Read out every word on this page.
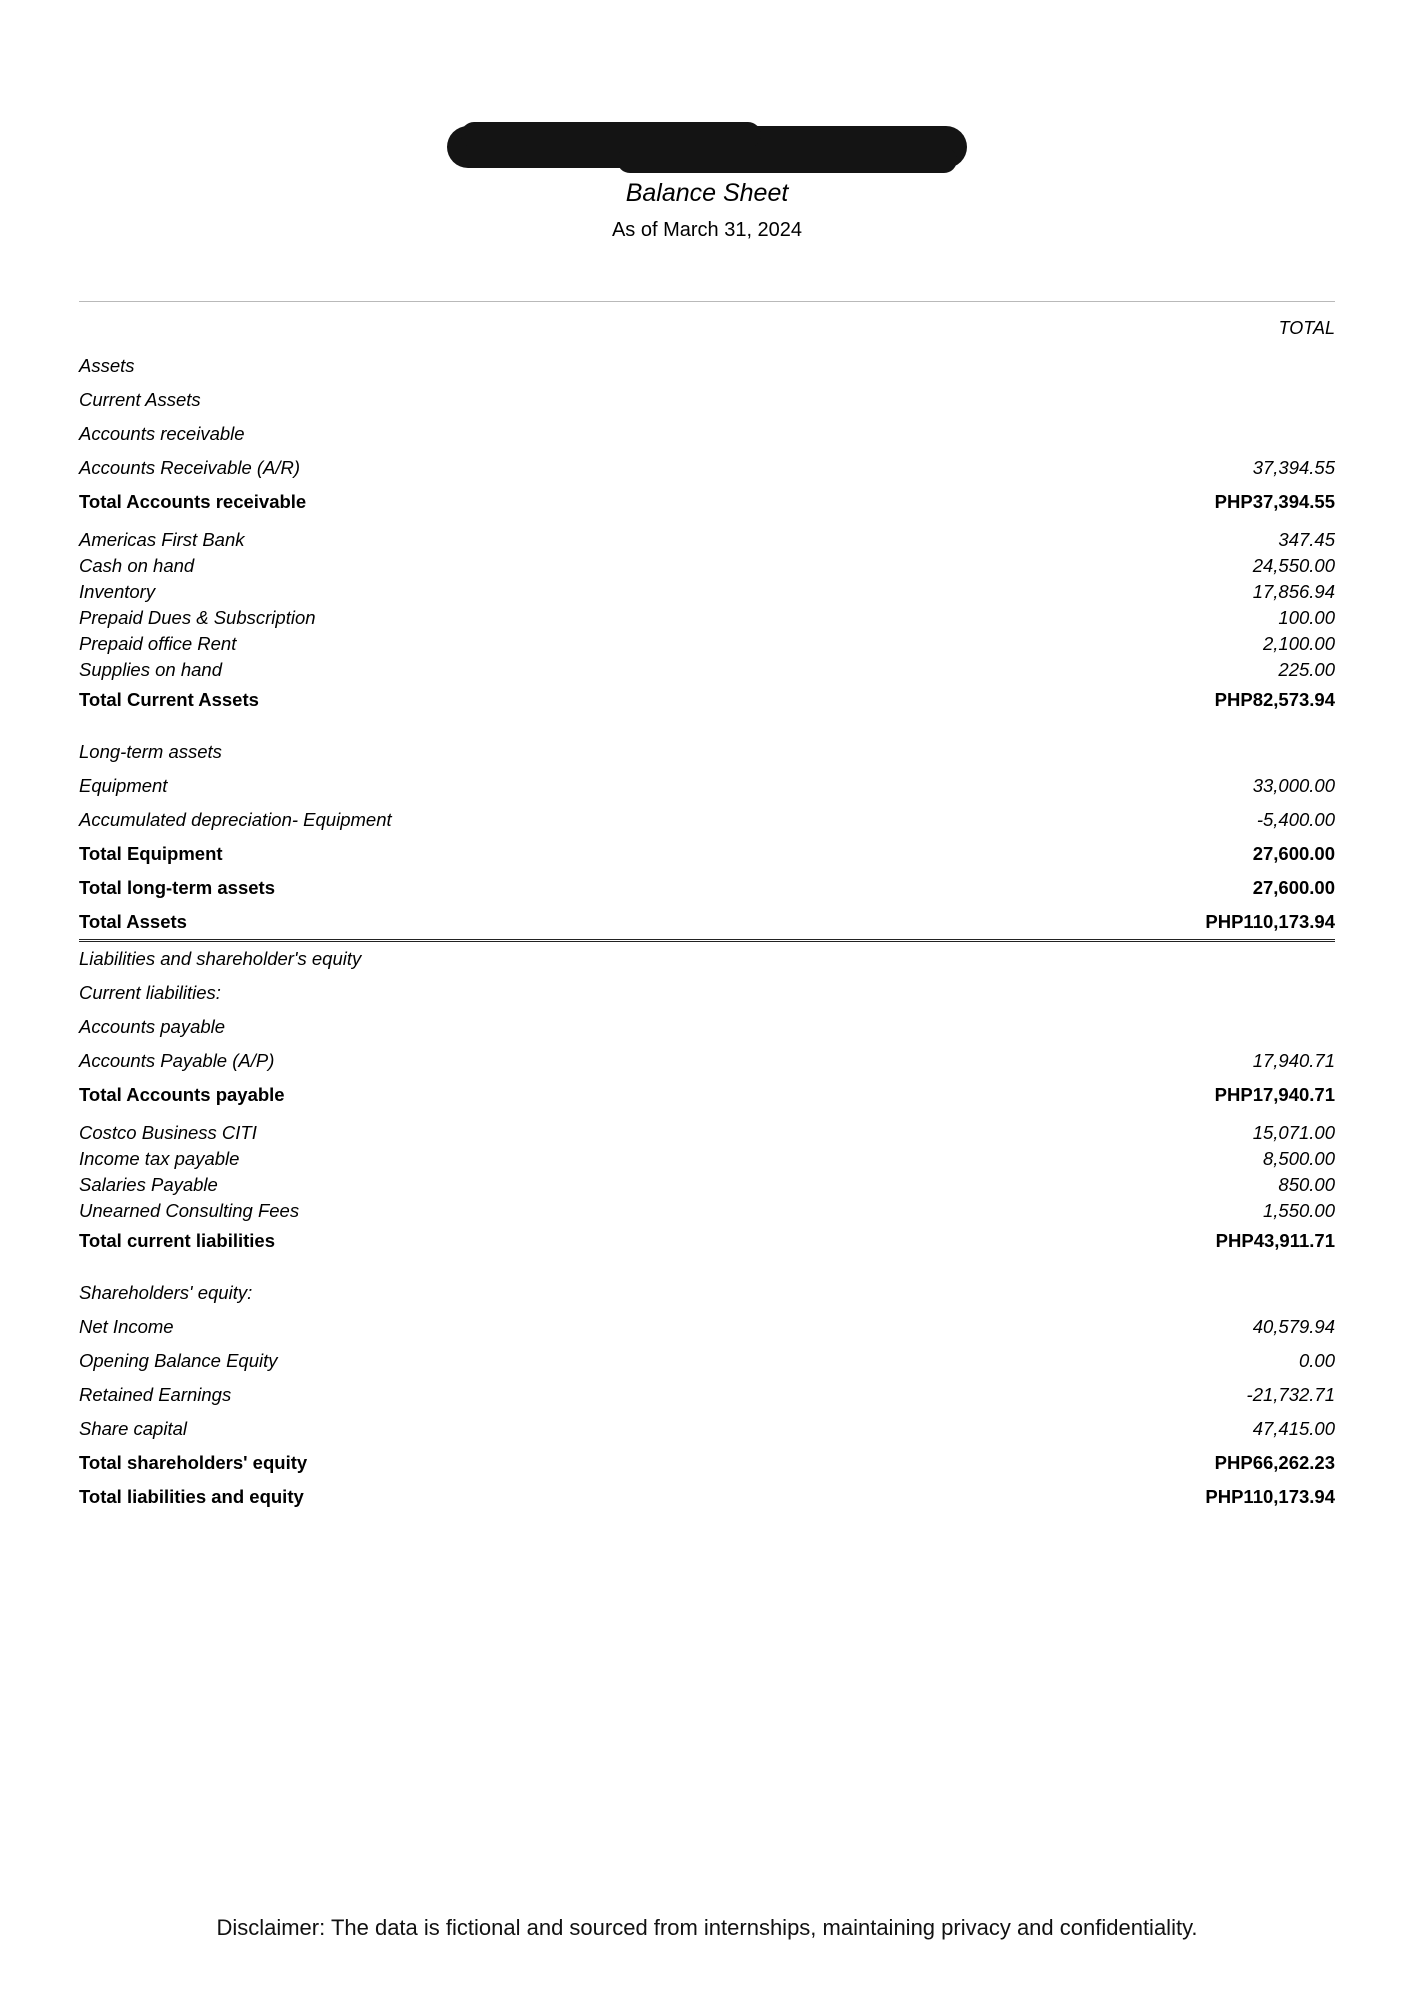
Balance Sheet
As of March 31, 2024
	TOTAL
Assets	
Current Assets	
Accounts receivable	
Accounts Receivable (A/R)	37,394.55
Total Accounts receivable	PHP37,394.55

Americas First Bank	347.45
Cash on hand	24,550.00
Inventory	17,856.94
Prepaid Dues & Subscription	100.00
Prepaid office Rent	2,100.00
Supplies on hand	225.00
Total Current Assets	PHP82,573.94

Long-term assets	
Equipment	33,000.00
Accumulated depreciation- Equipment	-5,400.00
Total Equipment	27,600.00
Total long-term assets	27,600.00
Total Assets	PHP110,173.94

Liabilities and shareholder's equity	
Current liabilities:	
Accounts payable	
Accounts Payable (A/P)	17,940.71
Total Accounts payable	PHP17,940.71

Costco Business CITI	15,071.00
Income tax payable	8,500.00
Salaries Payable	850.00
Unearned Consulting Fees	1,550.00
Total current liabilities	PHP43,911.71

Shareholders' equity:	
Net Income	40,579.94
Opening Balance Equity	0.00
Retained Earnings	-21,732.71
Share capital	47,415.00
Total shareholders' equity	PHP66,262.23
Total liabilities and equity	PHP110,173.94
Disclaimer: The data is fictional and sourced from internships, maintaining privacy and confidentiality.
